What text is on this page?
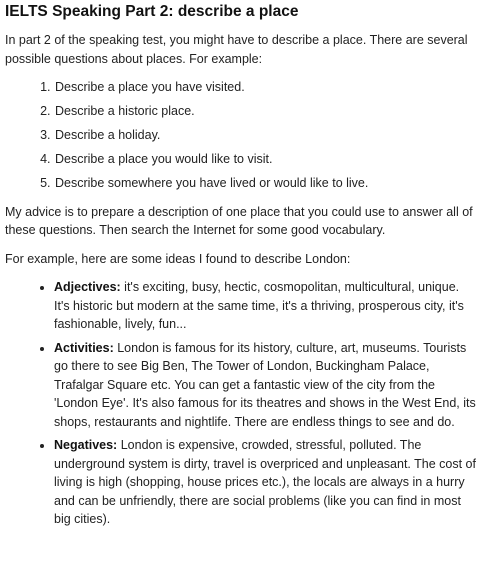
IELTS Speaking Part 2: describe a place

In part 2 of the speaking test, you might have to describe a place. There are several possible questions about places. For example:

1. Describe a place you have visited.
2. Describe a historic place.
3. Describe a holiday.
4. Describe a place you would like to visit.
5. Describe somewhere you have lived or would like to live.

My advice is to prepare a description of one place that you could use to answer all of these questions. Then search the Internet for some good vocabulary.

For example, here are some ideas I found to describe London:

• Adjectives: it's exciting, busy, hectic, cosmopolitan, multicultural, unique. It's historic but modern at the same time, it's a thriving, prosperous city, it's fashionable, lively, fun...
• Activities: London is famous for its history, culture, art, museums. Tourists go there to see Big Ben, The Tower of London, Buckingham Palace, Trafalgar Square etc. You can get a fantastic view of the city from the 'London Eye'. It's also famous for its theatres and shows in the West End, its shops, restaurants and nightlife. There are endless things to see and do.
• Negatives: London is expensive, crowded, stressful, polluted. The underground system is dirty, travel is overpriced and unpleasant. The cost of living is high (shopping, house prices etc.), the locals are always in a hurry and can be unfriendly, there are social problems (like you can find in most big cities).
